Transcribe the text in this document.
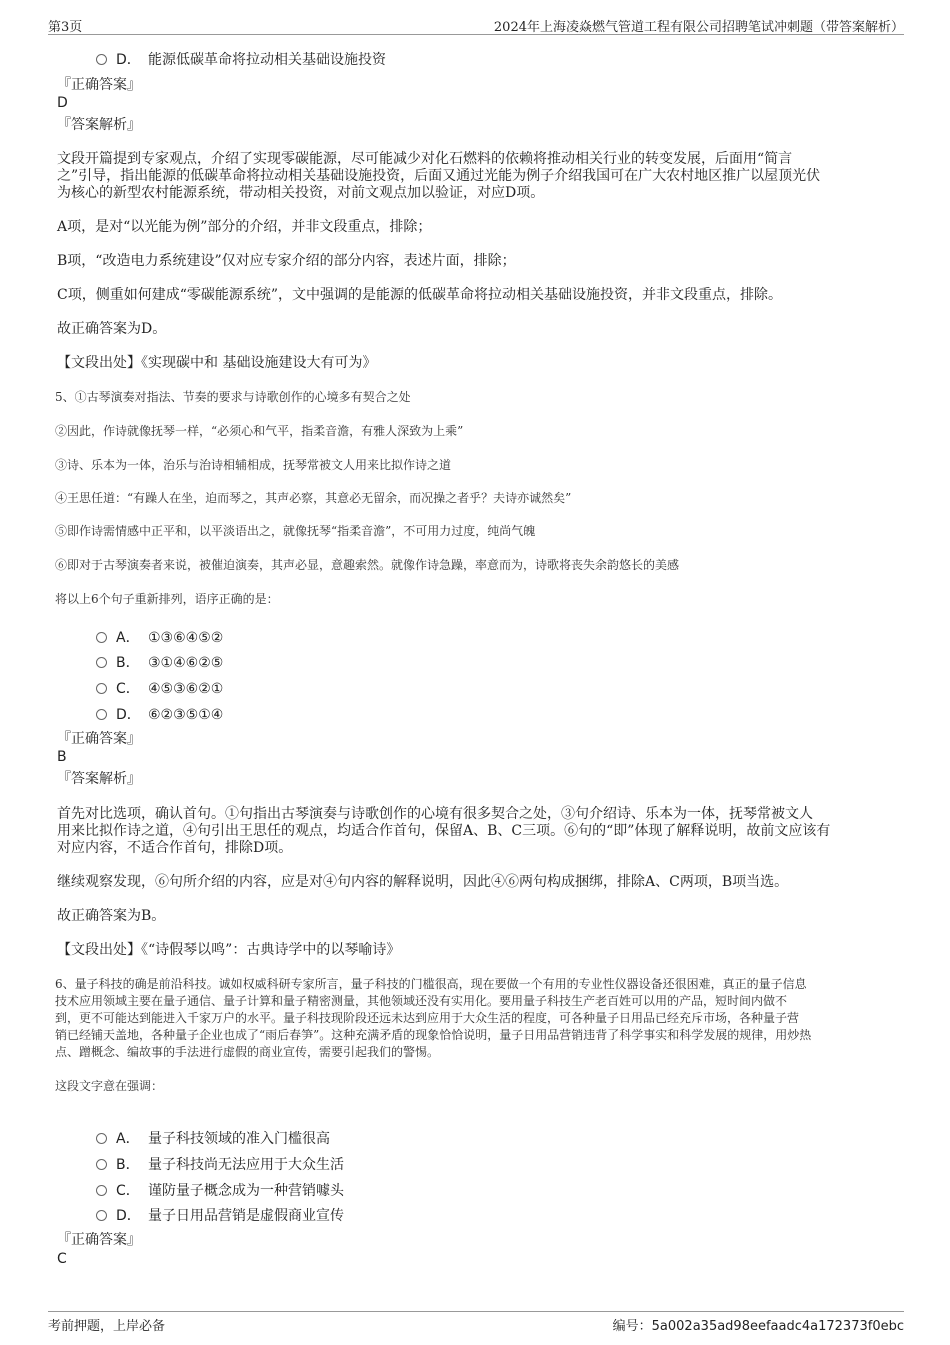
第3页	2024年上海凌焱燃气管道工程有限公司招聘笔试冲刺题（带答案解析）
D． 能源低碳革命将拉动相关基础设施投资
『正确答案』
D
『答案解析』
文段开篇提到专家观点，介绍了实现零碳能源，尽可能减少对化石燃料的依赖将推动相关行业的转变发展，后面用“简言
之”引导，指出能源的低碳革命将拉动相关基础设施投资，后面又通过光能为例子介绍我国可在广大农村地区推广以屋顶光伏
为核心的新型农村能源系统，带动相关投资，对前文观点加以验证，对应D项。
A项，是对“以光能为例”部分的介绍，并非文段重点，排除；
B项，“改造电力系统建设”仅对应专家介绍的部分内容，表述片面，排除；
C项，侧重如何建成“零碳能源系统”，文中强调的是能源的低碳革命将拉动相关基础设施投资，并非文段重点，排除。
故正确答案为D。
【文段出处】《实现碳中和 基础设施建设大有可为》
5、①古琴演奏对指法、节奏的要求与诗歌创作的心境多有契合之处
②因此，作诗就像抚琴一样，“必须心和气平，指柔音澹，有雅人深致为上乘”
③诗、乐本为一体，治乐与治诗相辅相成，抚琴常被文人用来比拟作诗之道
④王思任道：“有躁人在坐，迫而琴之，其声必察，其意必无留余，而况操之者乎？夫诗亦诚然矣”
⑤即作诗需情感中正平和，以平淡语出之，就像抚琴“指柔音澹”，不可用力过度，纯尚气魄
⑥即对于古琴演奏者来说，被催迫演奏，其声必显，意趣索然。就像作诗急躁，率意而为，诗歌将丧失余韵悠长的美感
将以上6个句子重新排列，语序正确的是：
A． ①③⑥④⑤②
B． ③①④⑥②⑤
C． ④⑤③⑥②①
D． ⑥②③⑤①④
『正确答案』
B
『答案解析』
首先对比选项，确认首句。①句指出古琴演奏与诗歌创作的心境有很多契合之处，③句介绍诗、乐本为一体，抚琴常被文人
用来比拟作诗之道，④句引出王思任的观点，均适合作首句，保留A、B、C三项。⑥句的“即”体现了解释说明，故前文应该有
对应内容，不适合作首句，排除D项。
继续观察发现，⑥句所介绍的内容，应是对④句内容的解释说明，因此④⑥两句构成捆绑，排除A、C两项，B项当选。
故正确答案为B。
【文段出处】《“诗假琴以鸣”：古典诗学中的以琴喻诗》
6、量子科技的确是前沿科技。诚如权威科研专家所言，量子科技的门槛很高，现在要做一个有用的专业性仪器设备还很困难，真正的量子信息
技术应用领域主要在量子通信、量子计算和量子精密测量，其他领域还没有实用化。要用量子科技生产老百姓可以用的产品，短时间内做不
到，更不可能达到能进入千家万户的水平。量子科技现阶段还远未达到应用于大众生活的程度，可各种量子日用品已经充斥市场，各种量子营
销已经铺天盖地，各种量子企业也成了“雨后春笋”。这种充满矛盾的现象恰恰说明，量子日用品营销违背了科学事实和科学发展的规律，用炒热
点、蹭概念、编故事的手法进行虚假的商业宣传，需要引起我们的警惕。
这段文字意在强调：
A． 量子科技领域的准入门槛很高
B． 量子科技尚无法应用于大众生活
C． 谨防量子概念成为一种营销噱头
D． 量子日用品营销是虚假商业宣传
『正确答案』
C
考前押题，上岸必备	编号：5a002a35ad98eefaadc4a172373f0ebc
